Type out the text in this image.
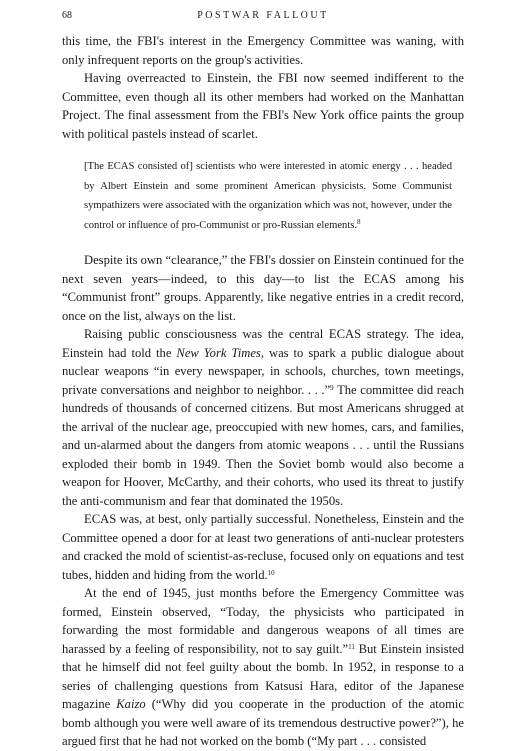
68	POSTWAR FALLOUT

this time, the FBI's interest in the Emergency Committee was waning, with only infrequent reports on the group's activities.

Having overreacted to Einstein, the FBI now seemed indifferent to the Committee, even though all its other members had worked on the Manhattan Project. The final assessment from the FBI's New York office paints the group with political pastels instead of scarlet.

[The ECAS consisted of] scientists who were interested in atomic energy . . . headed by Albert Einstein and some prominent American physicists. Some Communist sympathizers were associated with the organization which was not, however, under the control or influence of pro-Communist or pro-Russian elements.$^8$

Despite its own “clearance,” the FBI's dossier on Einstein continued for the next seven years—indeed, to this day—to list the ECAS among his “Communist front” groups. Apparently, like negative entries in a credit record, once on the list, always on the list.

Raising public consciousness was the central ECAS strategy. The idea, Einstein had told the New York Times, was to spark a public dialogue about nuclear weapons “in every newspaper, in schools, churches, town meetings, private conversations and neighbor to neighbor. . . .”$^9$ The committee did reach hundreds of thousands of concerned citizens. But most Americans shrugged at the arrival of the nuclear age, preoccupied with new homes, cars, and families, and un-alarmed about the dangers from atomic weapons . . . until the Russians exploded their bomb in 1949. Then the Soviet bomb would also become a weapon for Hoover, McCarthy, and their cohorts, who used its threat to justify the anti-communism and fear that dominated the 1950s.

ECAS was, at best, only partially successful. Nonetheless, Einstein and the Committee opened a door for at least two generations of anti-nuclear protesters and cracked the mold of scientist-as-recluse, focused only on equations and test tubes, hidden and hiding from the world.$^{10}$

At the end of 1945, just months before the Emergency Committee was formed, Einstein observed, “Today, the physicists who participated in forwarding the most formidable and dangerous weapons of all times are harassed by a feeling of responsibility, not to say guilt.”$^{11}$ But Einstein insisted that he himself did not feel guilty about the bomb. In 1952, in response to a series of challenging questions from Katsusi Hara, editor of the Japanese magazine Kaizo (“Why did you cooperate in the production of the atomic bomb although you were well aware of its tremendous destructive power?”), he argued first that he had not worked on the bomb (“My part . . . consisted
